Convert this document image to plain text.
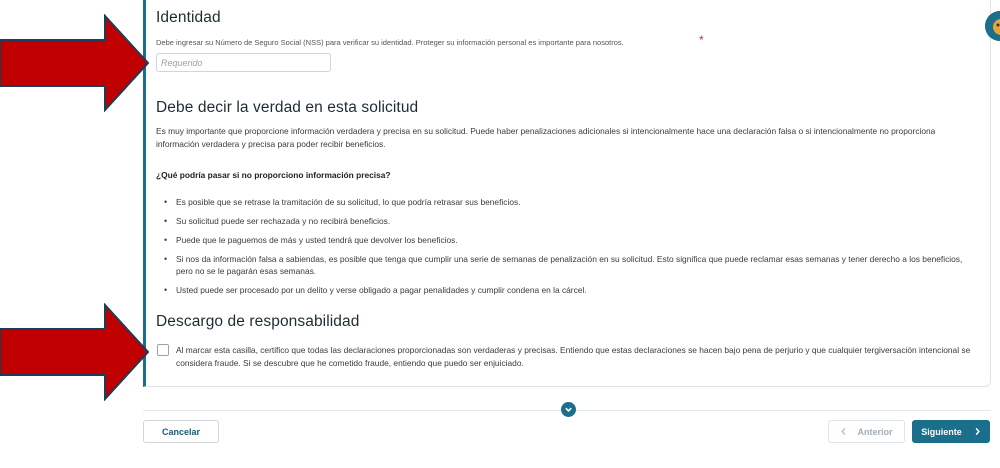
Identidad
Debe ingresar su Número de Seguro Social (NSS) para verificar su identidad. Proteger su información personal es importante para nosotros.	*
Requerido
Debe decir la verdad en esta solicitud
Es muy importante que proporcione información verdadera y precisa en su solicitud. Puede haber penalizaciones adicionales si intencionalmente hace una declaración falsa o si intencionalmente no proporciona información verdadera y precisa para poder recibir beneficios.
¿Qué podría pasar si no proporciono información precisa?
• Es posible que se retrase la tramitación de su solicitud, lo que podría retrasar sus beneficios.
• Su solicitud puede ser rechazada y no recibirá beneficios.
• Puede que le paguemos de más y usted tendrá que devolver los beneficios.
• Si nos da información falsa a sabiendas, es posible que tenga que cumplir una serie de semanas de penalización en su solicitud. Esto significa que puede reclamar esas semanas y tener derecho a los beneficios, pero no se le pagarán esas semanas.
• Usted puede ser procesado por un delito y verse obligado a pagar penalidades y cumplir condena en la cárcel.
Descargo de responsabilidad
Al marcar esta casilla, certifico que todas las declaraciones proporcionadas son verdaderas y precisas. Entiendo que estas declaraciones se hacen bajo pena de perjurio y que cualquier tergiversación intencional se considera fraude. Si se descubre que he cometido fraude, entiendo que puedo ser enjuiciado.
Cancelar	Anterior	Siguiente
